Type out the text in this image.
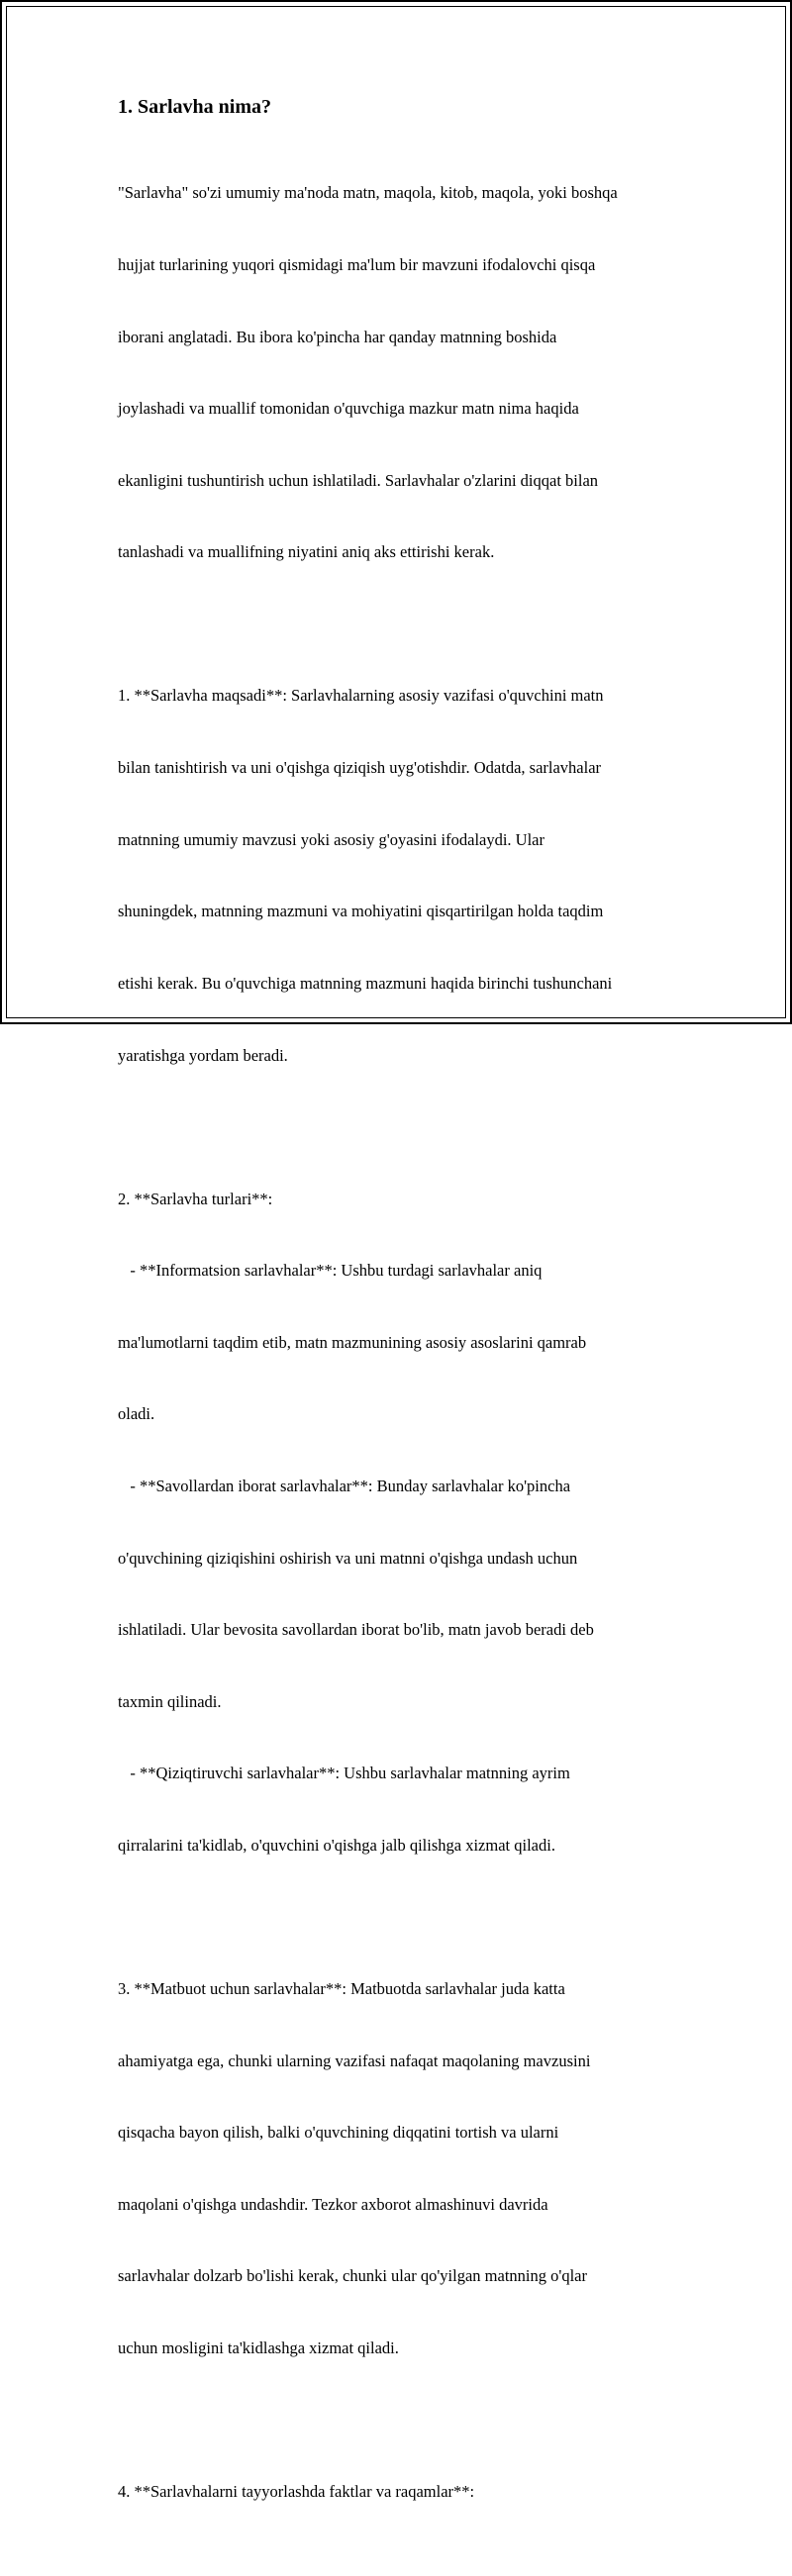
1. Sarlavha nima?

"Sarlavha" so'zi umumiy ma'noda matn, maqola, kitob, maqola, yoki boshqa

hujjat turlarining yuqori qismidagi ma'lum bir mavzuni ifodalovchi qisqa

iborani anglatadi. Bu ibora ko'pincha har qanday matnning boshida

joylashadi va muallif tomonidan o'quvchiga mazkur matn nima haqida

ekanligini tushuntirish uchun ishlatiladi. Sarlavhalar o'zlarini diqqat bilan

tanlashadi va muallifning niyatini aniq aks ettirishi kerak.

1. **Sarlavha maqsadi**: Sarlavhalarning asosiy vazifasi o'quvchini matn

bilan tanishtirish va uni o'qishga qiziqish uyg'otishdir. Odatda, sarlavhalar

matnning umumiy mavzusi yoki asosiy g'oyasini ifodalaydi. Ular

shuningdek, matnning mazmuni va mohiyatini qisqartirilgan holda taqdim

etishi kerak. Bu o'quvchiga matnning mazmuni haqida birinchi tushunchani

yaratishga yordam beradi.

2. **Sarlavha turlari**:

- **Informatsion sarlavhalar**: Ushbu turdagi sarlavhalar aniq

ma'lumotlarni taqdim etib, matn mazmunining asosiy asoslarini qamrab

oladi.

- **Savollardan iborat sarlavhalar**: Bunday sarlavhalar ko'pincha

o'quvchining qiziqishini oshirish va uni matnni o'qishga undash uchun

ishlatiladi. Ular bevosita savollardan iborat bo'lib, matn javob beradi deb

taxmin qilinadi.

- **Qiziqtiruvchi sarlavhalar**: Ushbu sarlavhalar matnning ayrim

qirralarini ta'kidlab, o'quvchini o'qishga jalb qilishga xizmat qiladi.

3. **Matbuot uchun sarlavhalar**: Matbuotda sarlavhalar juda katta

ahamiyatga ega, chunki ularning vazifasi nafaqat maqolaning mavzusini

qisqacha bayon qilish, balki o'quvchining diqqatini tortish va ularni

maqolani o'qishga undashdir. Tezkor axborot almashinuvi davrida

sarlavhalar dolzarb bo'lishi kerak, chunki ular qo'yilgan matnning o'qlar

uchun mosligini ta'kidlashga xizmat qiladi.

4. **Sarlavhalarni tayyorlashda faktlar va raqamlar**:
